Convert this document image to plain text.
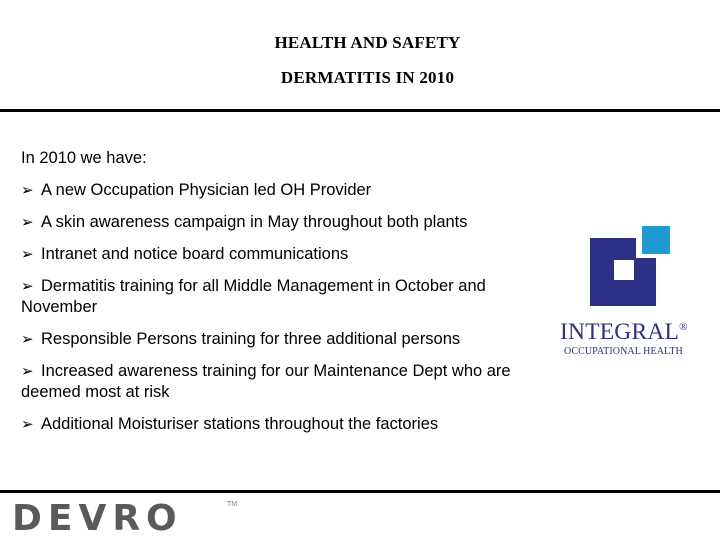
HEALTH AND SAFETY
DERMATITIS IN 2010

In 2010 we have:

➢ A new Occupation Physician led OH Provider
➢ A skin awareness campaign in May throughout both plants
➢ Intranet and notice board communications
➢ Dermatitis training for all Middle Management in October and November
➢ Responsible Persons training for three additional persons
➢ Increased awareness training for our Maintenance Dept who are deemed most at risk
➢ Additional Moisturiser stations throughout the factories
INTEGRAL®
OCCUPATIONAL HEALTH
DEVRO	TM
